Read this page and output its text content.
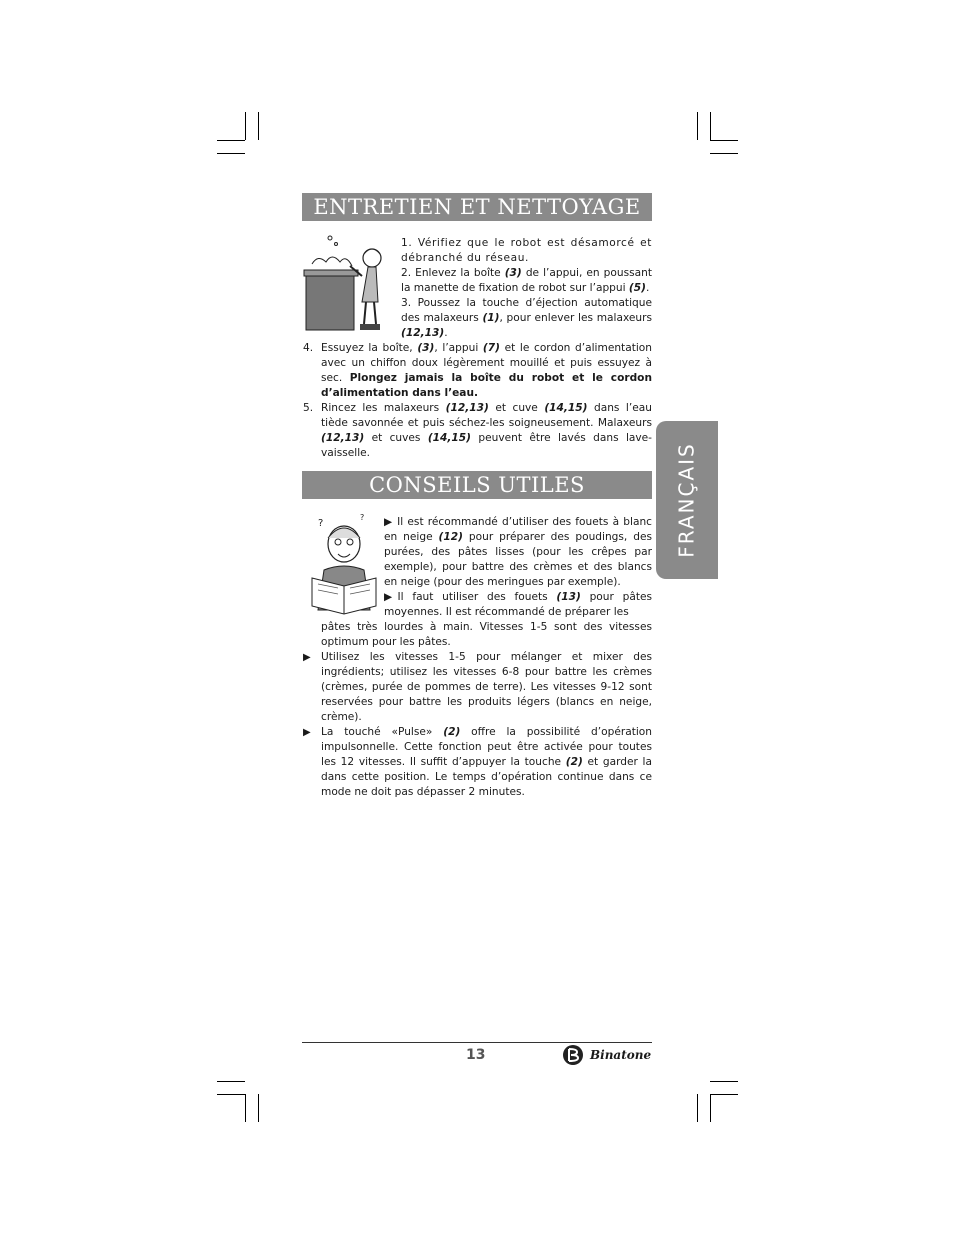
ENTRETIEN ET NETTOYAGE

1. Vérifiez que le robot est désamorcé et débranché du réseau.

2. Enlevez la boîte (3) de l’appui, en poussant la manette de fixation de robot sur l’appui (5).

3. Poussez la touche d’éjection automatique des malaxeurs (1), pour enlever les malaxeurs (12,13).

4. Essuyez la boîte, (3), l’appui (7) et le cordon d’alimentation avec un chiffon doux légèrement mouillé et puis essuyez à sec. Plongez jamais la boîte du robot et le cordon d’alimentation dans l’eau.
5. Rincez les malaxeurs (12,13) et cuve (14,15) dans l’eau tiède savonnée et puis séchez-les soigneusement. Malaxeurs (12,13) et cuves (14,15) peuvent être lavés dans lave-vaisselle.
CONSEILS UTILES
?
? ▶ Il est récommandé d’utiliser des fouets à blanc en neige (12) pour préparer des poudings, des purées, des pâtes lisses (pour les crêpes par exemple), pour battre des crèmes et des blancs en neige (pour des meringues par exemple).

▶Il faut utiliser des fouets (13) pour pâtes moyennes. Il est récommandé de préparer les

pâtes très lourdes à main. Vitesses 1-5 sont des vitesses optimum pour les pâtes.

▶ Utilisez les vitesses 1-5 pour mélanger et mixer des ingrédients; utilisez les vitesses 6-8 pour battre les crèmes (crèmes, purée de pommes de terre). Les vitesses 9-12 sont reservées pour battre les produits légers (blancs en neige, crème).
▶ La touché «Pulse» (2) offre la possibilité d’opération impulsonnelle. Cette fonction peut être activée pour toutes les 12 vitesses. Il suffit d’appuyer la touche (2) et garder la dans cette position. Le temps d’opération continue dans ce mode ne doit pas dépasser 2 minutes.
FRANÇAIS
13	Binatone
